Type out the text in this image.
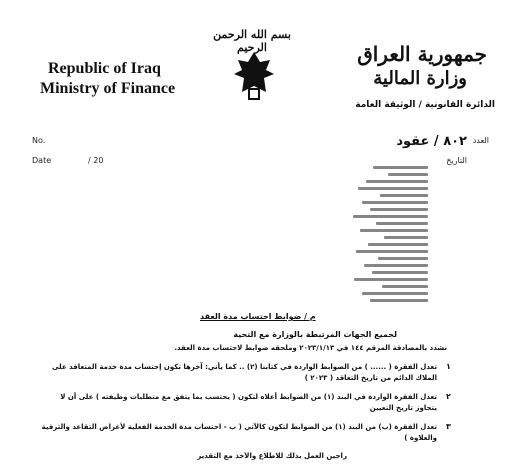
Republic of Iraq
Ministry of Finance
بسم الله الرحمن الرحيم	جمهورية العراق
وزارة المالية
الدائرة القانونية / الوثيقة العامة
No.
Date	/ 20
العدد
٨٠٢ / عقود
التاريخ
م / ضوابط احتساب مدة العقد
لجميع الجهات المرتبطة بالوزارة مع التحية
نشدد بالمصادقة المرقم ١٤٤ في ٢٠٢٣/١/١٣ وملحقه ضوابط لاحتساب مدة العقد.
١
تعدل الفقرة ( ...... ) من الضوابط الواردة في كتابنا (٢) .. كما يأتي: آخرها تكون إحتساب مدة خدمة المتعاقد على الملاك الدائم من تاريخ التعاقد ( ٢٠٢٣ )
٢
تعدل الفقرة الواردة في البند (١) من الضوابط أعلاه لتكون ( يحتسب بما يتفق مع متطلبات وظيفته ) على أن لا يتجاوز تاريخ التعيين
٣
تعدل الفقرة (ب) من البند (١) من الضوابط لتكون كالآتي ( ب - احتساب مدة الخدمة الفعلية لأغراض التقاعد والترقية والعلاوة )
راجين العمل بذلك للاطلاع والأخذ مع التقدير
